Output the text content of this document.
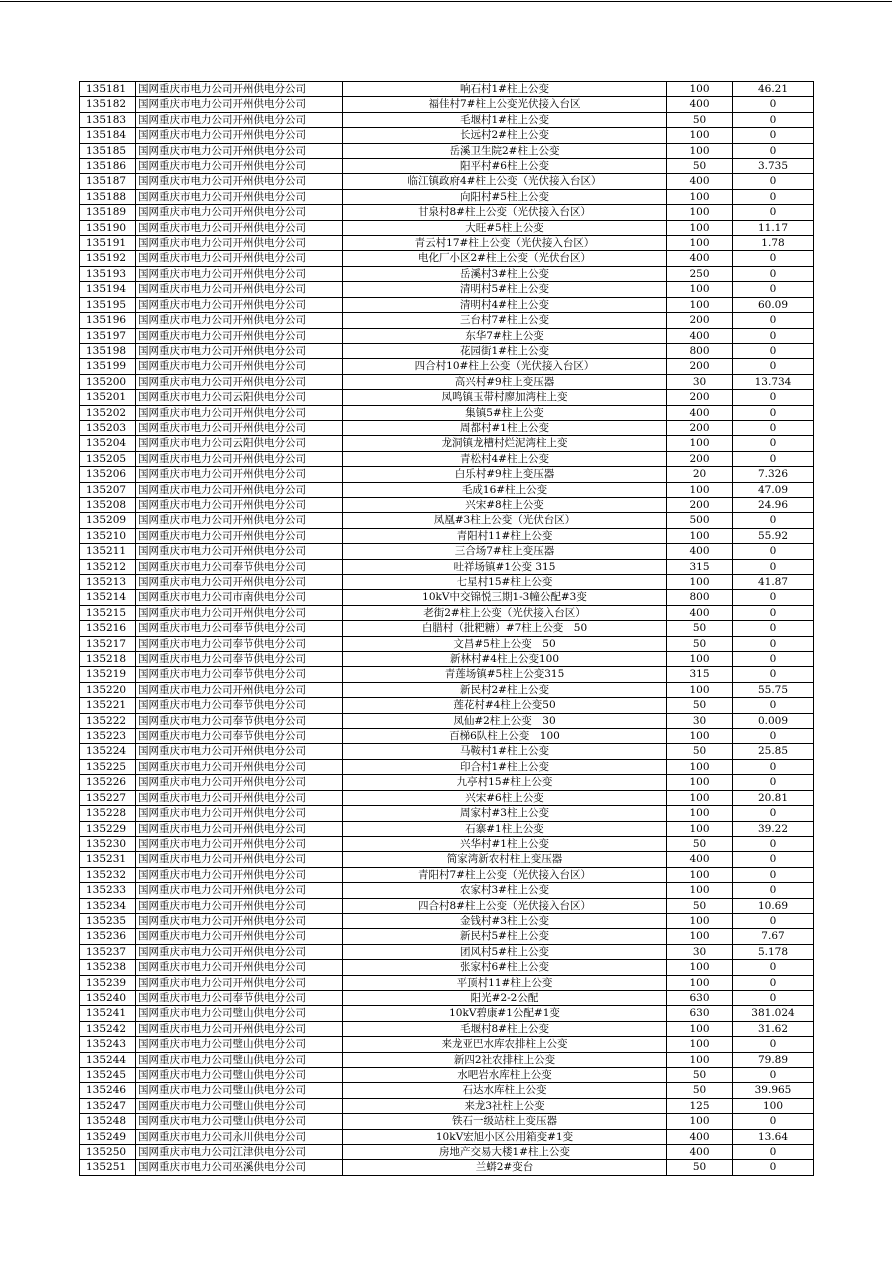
135181	国网重庆市电力公司开州供电分公司	响石村1#柱上公变	100	46.21
135182	国网重庆市电力公司开州供电分公司	福佳村7#柱上公变光伏接入台区	400	0
135183	国网重庆市电力公司开州供电分公司	毛堰村1#柱上公变	50	0
135184	国网重庆市电力公司开州供电分公司	长远村2#柱上公变	100	0
135185	国网重庆市电力公司开州供电分公司	岳溪卫生院2#柱上公变	100	0
135186	国网重庆市电力公司开州供电分公司	阳平村#6柱上公变	50	3.735
135187	国网重庆市电力公司开州供电分公司	临江镇政府4#柱上公变（光伏接入台区）	400	0
135188	国网重庆市电力公司开州供电分公司	向阳村#5柱上公变	100	0
135189	国网重庆市电力公司开州供电分公司	甘泉村8#柱上公变（光伏接入台区）	100	0
135190	国网重庆市电力公司开州供电分公司	大旺#5柱上公变	100	11.17
135191	国网重庆市电力公司开州供电分公司	青云村17#柱上公变（光伏接入台区）	100	1.78
135192	国网重庆市电力公司开州供电分公司	电化厂小区2#柱上公变（光伏台区）	400	0
135193	国网重庆市电力公司开州供电分公司	岳溪村3#柱上公变	250	0
135194	国网重庆市电力公司开州供电分公司	清明村5#柱上公变	100	0
135195	国网重庆市电力公司开州供电分公司	清明村4#柱上公变	100	60.09
135196	国网重庆市电力公司开州供电分公司	三台村7#柱上公变	200	0
135197	国网重庆市电力公司开州供电分公司	东华7#柱上公变	400	0
135198	国网重庆市电力公司开州供电分公司	花园街1#柱上公变	800	0
135199	国网重庆市电力公司开州供电分公司	四合村10#柱上公变（光伏接入台区）	200	0
135200	国网重庆市电力公司开州供电分公司	高兴村#9柱上变压器	30	13.734
135201	国网重庆市电力公司云阳供电分公司	凤鸣镇玉带村廖加湾柱上变	200	0
135202	国网重庆市电力公司开州供电分公司	集镇5#柱上公变	400	0
135203	国网重庆市电力公司开州供电分公司	周都村#1柱上公变	200	0
135204	国网重庆市电力公司云阳供电分公司	龙洞镇龙槽村烂泥湾柱上变	100	0
135205	国网重庆市电力公司开州供电分公司	青松村4#柱上公变	200	0
135206	国网重庆市电力公司开州供电分公司	白乐村#9柱上变压器	20	7.326
135207	国网重庆市电力公司开州供电分公司	毛成16#柱上公变	100	47.09
135208	国网重庆市电力公司开州供电分公司	兴宋#8柱上公变	200	24.96
135209	国网重庆市电力公司开州供电分公司	凤凰#3柱上公变（光伏台区）	500	0
135210	国网重庆市电力公司开州供电分公司	青阳村11#柱上公变	100	55.92
135211	国网重庆市电力公司开州供电分公司	三合场7#柱上变压器	400	0
135212	国网重庆市电力公司奉节供电分公司	吐祥场镇#1公变 315	315	0
135213	国网重庆市电力公司开州供电分公司	七星村15#柱上公变	100	41.87
135214	国网重庆市电力公司市南供电分公司	10kV中交锦悦三期1-3幢公配#3变	800	0
135215	国网重庆市电力公司开州供电分公司	老街2#柱上公变（光伏接入台区）	400	0
135216	国网重庆市电力公司奉节供电分公司	白腊村（批粑糖）#7柱上公变　50	50	0
135217	国网重庆市电力公司奉节供电分公司	文昌#5柱上公变　50	50	0
135218	国网重庆市电力公司奉节供电分公司	新林村#4柱上公变100	100	0
135219	国网重庆市电力公司奉节供电分公司	青莲场镇#5柱上公变315	315	0
135220	国网重庆市电力公司开州供电分公司	新民村2#柱上公变	100	55.75
135221	国网重庆市电力公司奉节供电分公司	莲花村#4柱上公变50	50	0
135222	国网重庆市电力公司奉节供电分公司	凤仙#2柱上公变　30	30	0.009
135223	国网重庆市电力公司奉节供电分公司	百梯6队柱上公变　100	100	0
135224	国网重庆市电力公司开州供电分公司	马鞍村1#柱上公变	50	25.85
135225	国网重庆市电力公司开州供电分公司	印合村1#柱上公变	100	0
135226	国网重庆市电力公司开州供电分公司	九亭村15#柱上公变	100	0
135227	国网重庆市电力公司开州供电分公司	兴宋#6柱上公变	100	20.81
135228	国网重庆市电力公司开州供电分公司	周家村#3柱上公变	100	0
135229	国网重庆市电力公司开州供电分公司	石寨#1柱上公变	100	39.22
135230	国网重庆市电力公司开州供电分公司	兴华村#1柱上公变	50	0
135231	国网重庆市电力公司开州供电分公司	简家湾新农村柱上变压器	400	0
135232	国网重庆市电力公司开州供电分公司	青阳村7#柱上公变（光伏接入台区）	100	0
135233	国网重庆市电力公司开州供电分公司	农家村3#柱上公变	100	0
135234	国网重庆市电力公司开州供电分公司	四合村8#柱上公变（光伏接入台区）	50	10.69
135235	国网重庆市电力公司开州供电分公司	金钱村#3柱上公变	100	0
135236	国网重庆市电力公司开州供电分公司	新民村5#柱上公变	100	7.67
135237	国网重庆市电力公司开州供电分公司	团风村5#柱上公变	30	5.178
135238	国网重庆市电力公司开州供电分公司	张家村6#柱上公变	100	0
135239	国网重庆市电力公司开州供电分公司	平顶村11#柱上公变	100	0
135240	国网重庆市电力公司奉节供电分公司	阳光#2-2公配	630	0
135241	国网重庆市电力公司璧山供电分公司	10kV碧康#1公配#1变	630	381.024
135242	国网重庆市电力公司开州供电分公司	毛堰村8#柱上公变	100	31.62
135243	国网重庆市电力公司璧山供电分公司	来龙亚巴水库农排柱上公变	100	0
135244	国网重庆市电力公司璧山供电分公司	新四2社农排柱上公变	100	79.89
135245	国网重庆市电力公司璧山供电分公司	水吧岩水库柱上公变	50	0
135246	国网重庆市电力公司璧山供电分公司	石达水库柱上公变	50	39.965
135247	国网重庆市电力公司璧山供电分公司	来龙3社柱上公变	125	100
135248	国网重庆市电力公司璧山供电分公司	铁石一级站柱上变压器	100	0
135249	国网重庆市电力公司永川供电分公司	10kV宏旭小区公用箱变#1变	400	13.64
135250	国网重庆市电力公司江津供电分公司	房地产交易大楼1#柱上公变	400	0
135251	国网重庆市电力公司巫溪供电分公司	兰蟒2#变台	50	0
